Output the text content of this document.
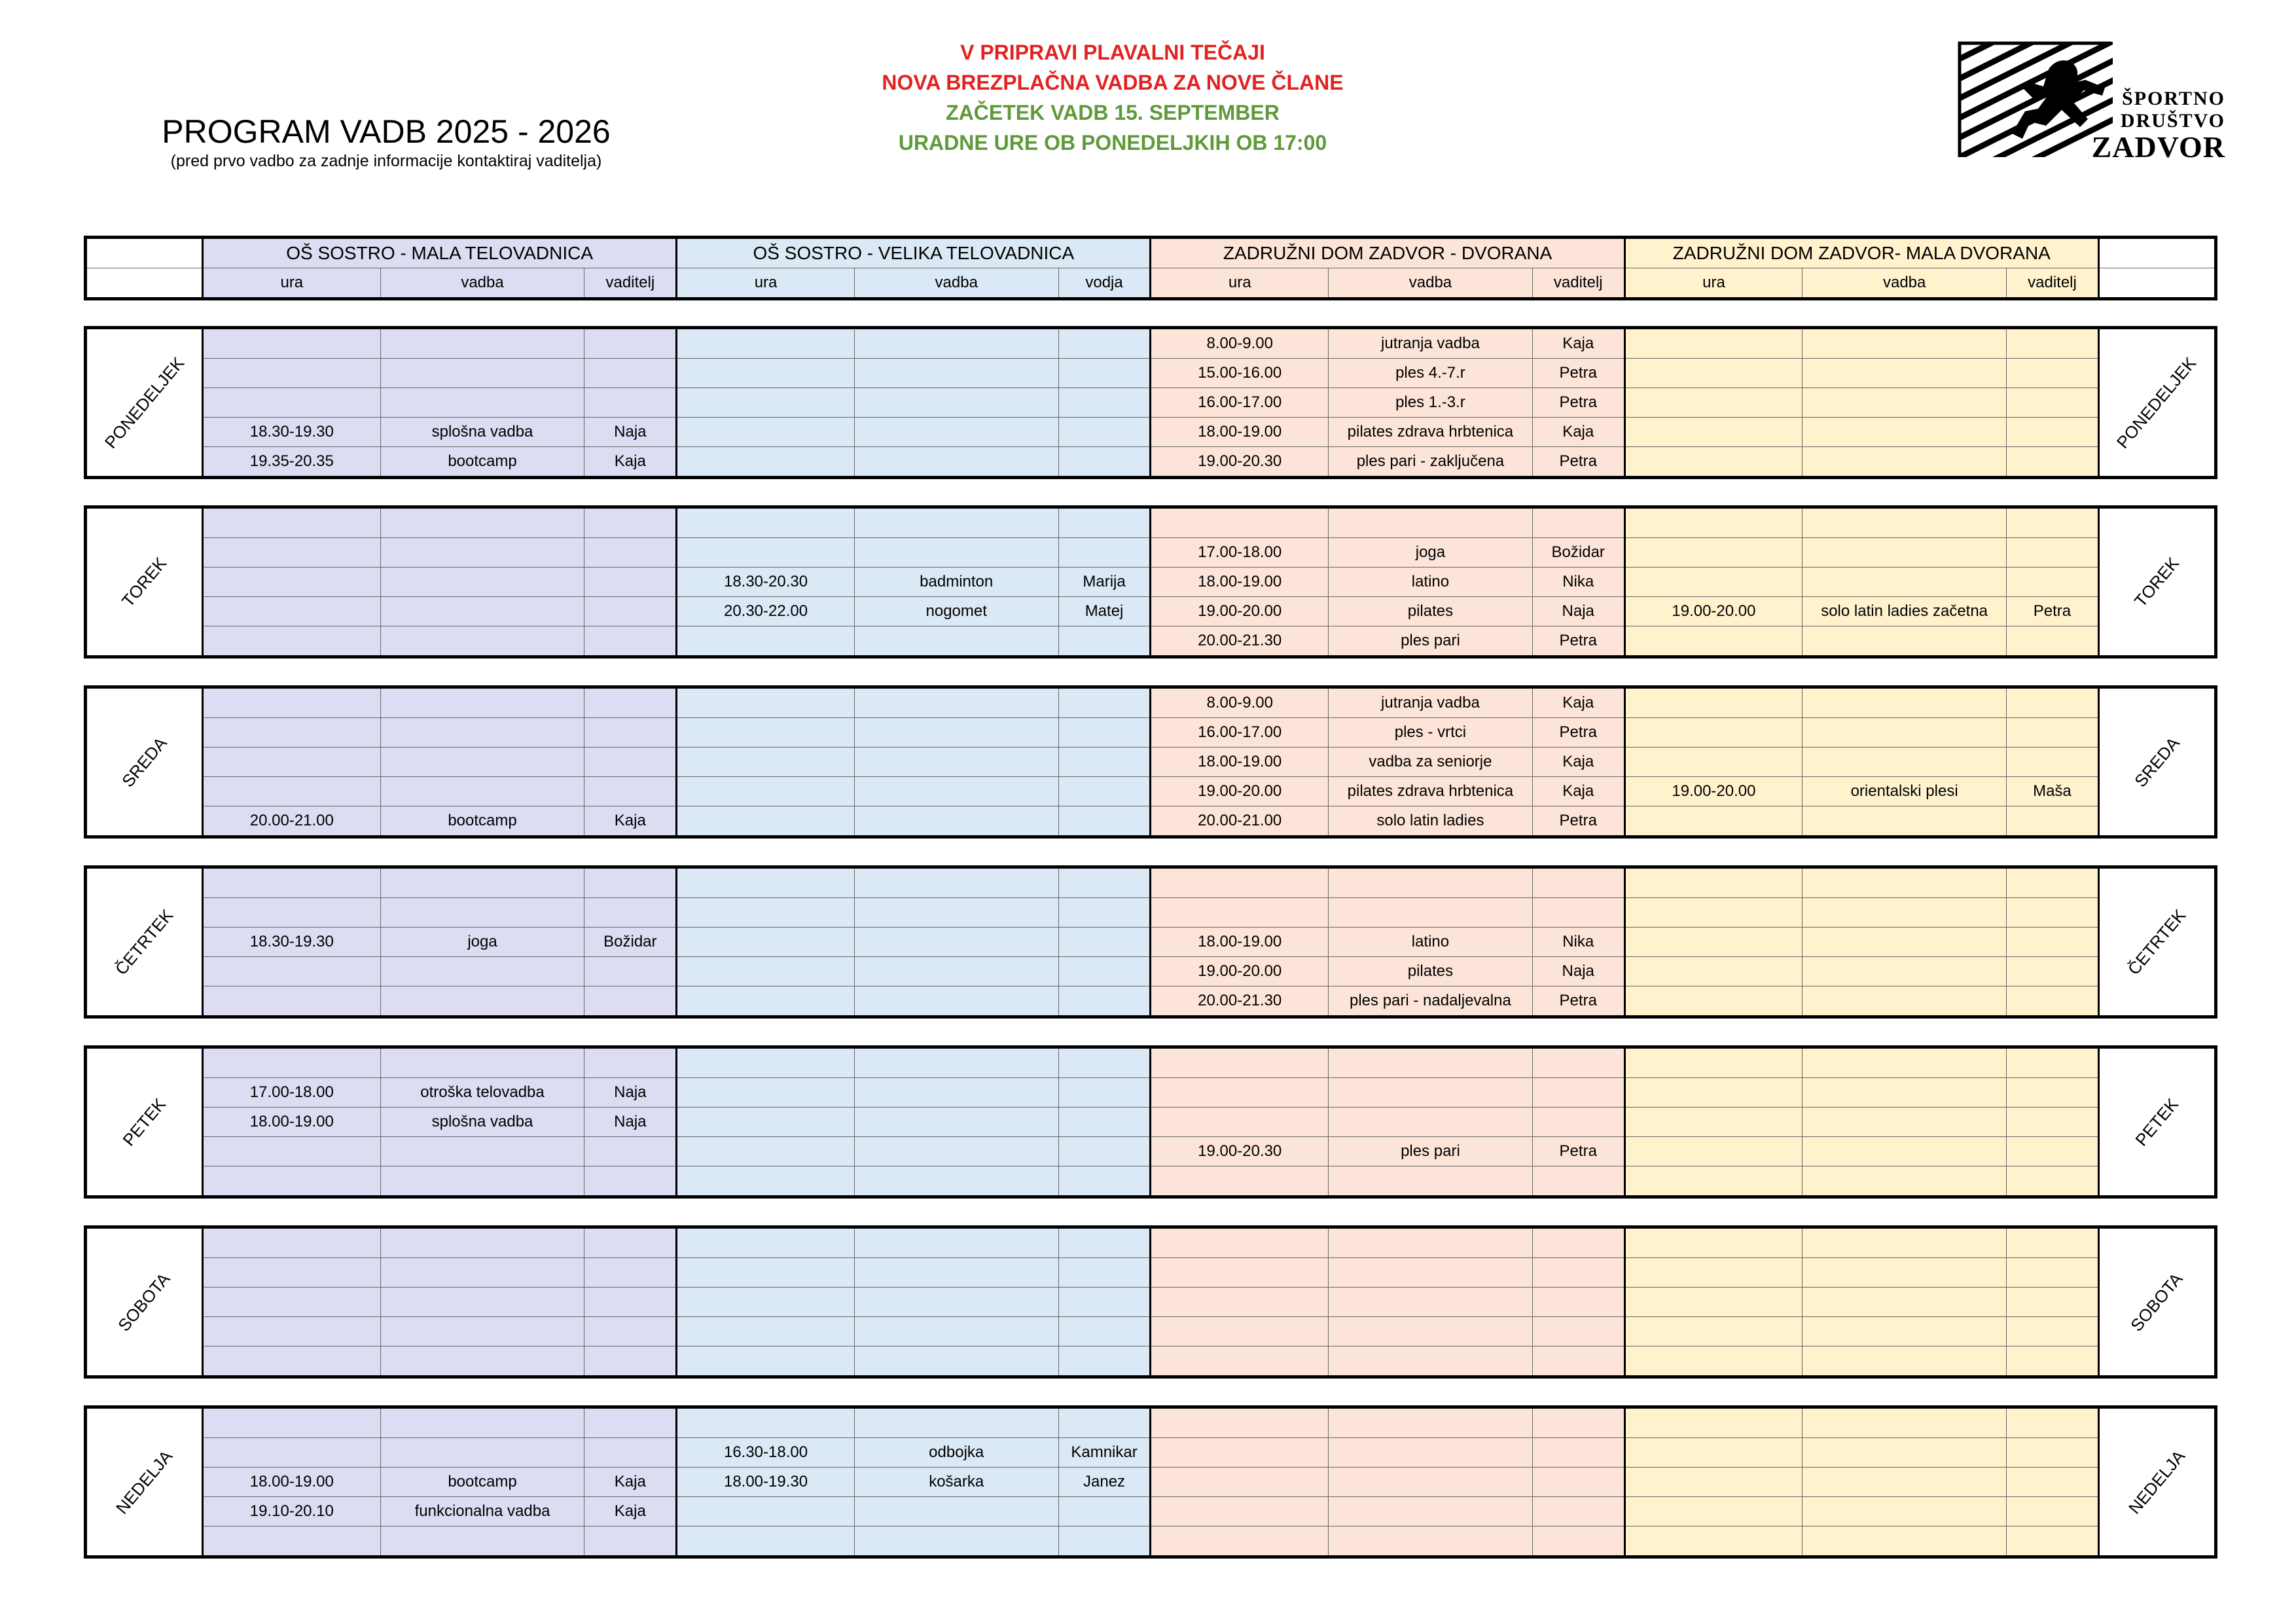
PROGRAM VADB 2025 - 2026
(pred prvo vadbo za zadnje informacije kontaktiraj vaditelja)
V PRIPRAVI PLAVALNI TEČAJI
NOVA BREZPLAČNA VADBA ZA NOVE ČLANE
ZAČETEK VADB 15. SEPTEMBER
URADNE URE OB PONEDELJKIH OB 17:00
ŠPORTNO
DRUŠTVO
ZADVOR
	OŠ SOSTRO - MALA TELOVADNICA			OŠ SOSTRO - VELIKA TELOVADNICA			ZADRUŽNI DOM ZADVOR - DVORANA			ZADRUŽNI DOM ZADVOR- MALA DVORANA			
	ura	vadba	vaditelj	ura	vadba	vodja	ura	vadba	vaditelj	ura	vadba	vaditelj	
PONEDELJEK							8.00-9.00	jutranja vadba	Kaja				PONEDELJEK
							15.00-16.00	ples 4.-7.r	Petra				
							16.00-17.00	ples 1.-3.r	Petra				
	18.30-19.30	splošna vadba	Naja				18.00-19.00	pilates zdrava hrbtenica	Kaja				
	19.35-20.35	bootcamp	Kaja				19.00-20.30	ples pari - zaključena	Petra				
TOREK													TOREK
							17.00-18.00	joga	Božidar				
				18.30-20.30	badminton	Marija	18.00-19.00	latino	Nika				
				20.30-22.00	nogomet	Matej	19.00-20.00	pilates	Naja	19.00-20.00	solo latin ladies začetna	Petra	
							20.00-21.30	ples pari	Petra				
SREDA							8.00-9.00	jutranja vadba	Kaja				SREDA
							16.00-17.00	ples - vrtci	Petra				
							18.00-19.00	vadba za seniorje	Kaja				
							19.00-20.00	pilates zdrava hrbtenica	Kaja	19.00-20.00	orientalski plesi	Maša	
	20.00-21.00	bootcamp	Kaja				20.00-21.00	solo latin ladies	Petra				
ČETRTEK													ČETRTEK

	18.30-19.30	joga	Božidar				18.00-19.00	latino	Nika				
							19.00-20.00	pilates	Naja				
							20.00-21.30	ples pari - nadaljevalna	Petra				
PETEK													PETEK
	17.00-18.00	otroška telovadba	Naja										
	18.00-19.00	splošna vadba	Naja										
							19.00-20.30	ples pari	Petra				

SOBOTA													SOBOTA

NEDELJA													NEDELJA
				16.30-18.00	odbojka	Kamnikar							
	18.00-19.00	bootcamp	Kaja	18.00-19.30	košarka	Janez							
	19.10-20.10	funkcionalna vadba	Kaja										
